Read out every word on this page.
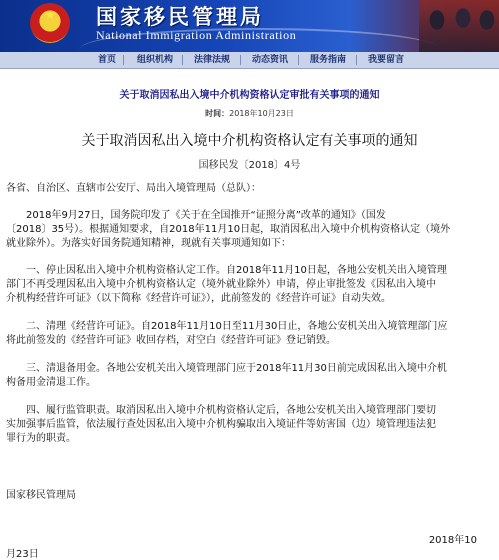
★	国家移民管理局
National Immigration Administration
首页 组织机构 法律法规 动态资讯 服务指南 我要留言
关于取消因私出入境中介机构资格认定审批有关事项的通知
时间：2018年10月23日
关于取消因私出入境中介机构资格认定有关事项的通知
国移民发〔2018〕4号
各省、自治区、直辖市公安厅、局出入境管理局（总队）：
　　2018年9月27日，国务院印发了《关于在全国推开“证照分离”改革的通知》（国发
〔2018〕35号）。根据通知要求，自2018年11月10日起，取消因私出入境中介机构资格认定（境外
就业除外）。为落实好国务院通知精神，现就有关事项通知如下：
　　一、停止因私出入境中介机构资格认定工作。自2018年11月10日起，各地公安机关出入境管理
部门不再受理因私出入境中介机构资格认定（境外就业除外）申请，停止审批签发《因私出入境中
介机构经营许可证》（以下简称《经营许可证》），此前签发的《经营许可证》自动失效。
　　二、清理《经营许可证》。自2018年11月10日至11月30日止，各地公安机关出入境管理部门应
将此前签发的《经营许可证》收回存档，对空白《经营许可证》登记销毁。
　　三、清退备用金。各地公安机关出入境管理部门应于2018年11月30日前完成因私出入境中介机
构备用金清退工作。
　　四、履行监管职责。取消因私出入境中介机构资格认定后，各地公安机关出入境管理部门要切
实加强事后监管，依法履行查处因私出入境中介机构骗取出入境证件等妨害国（边）境管理违法犯
罪行为的职责。
国家移民管理局
2018年10
月23日
